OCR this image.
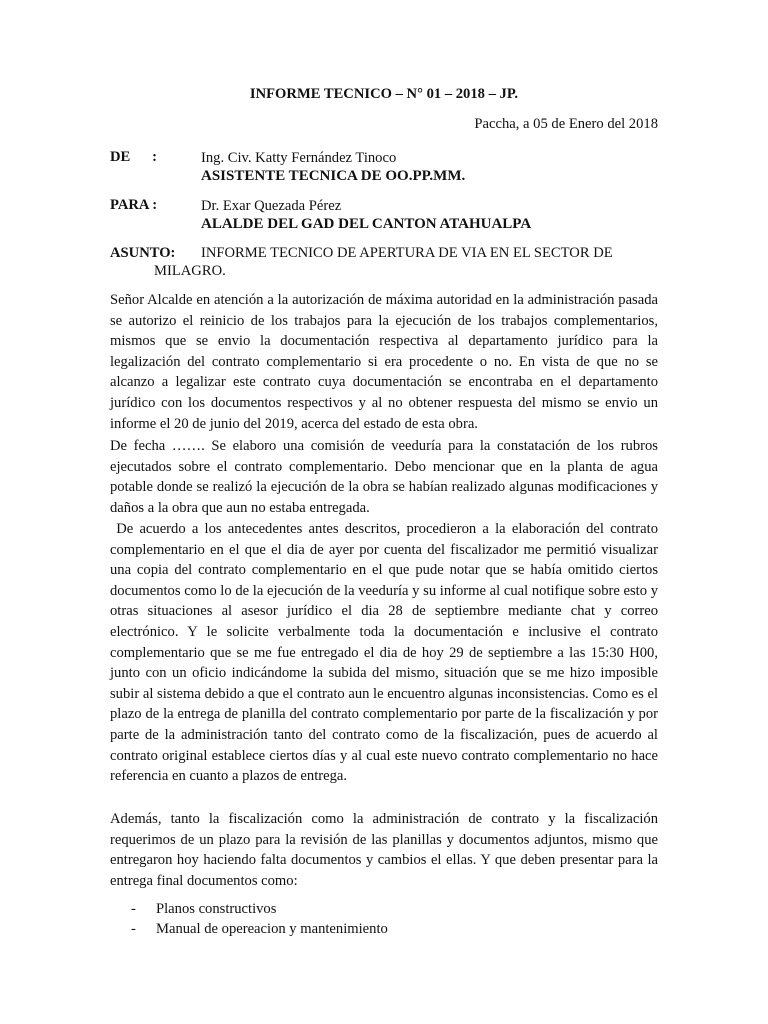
INFORME TECNICO – N° 01 – 2018 – JP.
Paccha, a 05 de Enero del 2018
DE      :	Ing. Civ. Katty Fernández Tinoco
ASISTENTE TECNICA DE OO.PP.MM.
PARA :	Dr. Exar Quezada Pérez
ALALDE DEL GAD DEL CANTON ATAHUALPA
ASUNTO: INFORME TECNICO DE APERTURA DE VIA EN EL SECTOR DE
MILAGRO.

Señor Alcalde en atención a la autorización de máxima autoridad en la administración pasada se autorizo el reinicio de los trabajos para la ejecución de los trabajos complementarios, mismos que se envio la documentación respectiva al departamento jurídico para la legalización del contrato complementario si era procedente o no. En vista de que no se alcanzo a legalizar este contrato cuya documentación se encontraba en el departamento jurídico con los documentos respectivos y al no obtener respuesta del mismo se envio un informe el 20 de junio del 2019, acerca del estado de esta obra.

De fecha ……. Se elaboro una comisión de veeduría para la constatación de los rubros ejecutados sobre el contrato complementario. Debo mencionar que en la planta de agua potable donde se realizó la ejecución de la obra se habían realizado algunas modificaciones y daños a la obra que aun no estaba entregada.

De acuerdo a los antecedentes antes descritos, procedieron a la elaboración del contrato complementario en el que el dia de ayer por cuenta del fiscalizador me permitió visualizar una copia del contrato complementario en el que pude notar que se había omitido ciertos documentos como lo de la ejecución de la veeduría y su informe al cual notifique sobre esto y otras situaciones al asesor jurídico el dia 28 de septiembre mediante chat y correo electrónico. Y le solicite verbalmente toda la documentación e inclusive el contrato complementario que se me fue entregado el dia de hoy 29 de septiembre a las 15:30 H00, junto con un oficio indicándome la subida del mismo, situación que se me hizo imposible subir al sistema debido a que el contrato aun le encuentro algunas inconsistencias. Como es el plazo de la entrega de planilla del contrato complementario por parte de la fiscalización y por parte de la administración tanto del contrato como de la fiscalización, pues de acuerdo al contrato original establece ciertos días y al cual este nuevo contrato complementario no hace referencia en cuanto a plazos de entrega.

Además, tanto la fiscalización como la administración de contrato y la fiscalización requerimos de un plazo para la revisión de las planillas y documentos adjuntos, mismo que entregaron hoy haciendo falta documentos y cambios el ellas. Y que deben presentar para la entrega final documentos como:

- Planos constructivos
- Manual de opereacion y mantenimiento
